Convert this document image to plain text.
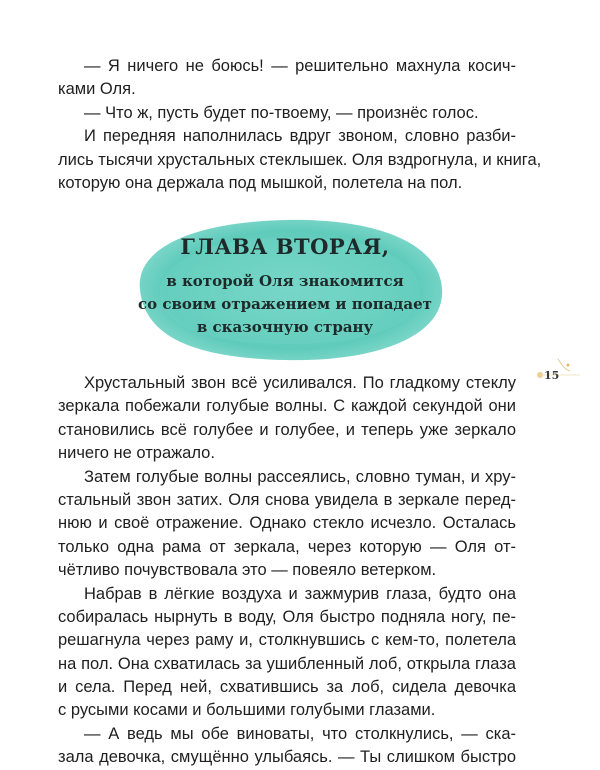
— Я ничего не боюсь! — решительно махнула косич-
ками Оля.
— Что ж, пусть будет по-твоему, — произнёс голос.
И передняя наполнилась вдруг звоном, словно разби-
лись тысячи хрустальных стеклышек. Оля вздрогнула, и книга,
которую она держала под мышкой, полетела на пол.
ГЛАВА ВТОРАЯ,
в которой Оля знакомится
со своим отражением и попадает
в сказочную страну
15
Хрустальный звон всё усиливался. По гладкому стеклу
зеркала побежали голубые волны. С каждой секундой они
становились всё голубее и голубее, и теперь уже зеркало
ничего не отражало.
Затем голубые волны рассеялись, словно туман, и хру-
стальный звон затих. Оля снова увидела в зеркале перед-
нюю и своё отражение. Однако стекло исчезло. Осталась
только одна рама от зеркала, через которую — Оля от-
чётливо почувствовала это — повеяло ветерком.
Набрав в лёгкие воздуха и зажмурив глаза, будто она
собиралась нырнуть в воду, Оля быстро подняла ногу, пе-
решагнула через раму и, столкнувшись с кем-то, полетела
на пол. Она схватилась за ушибленный лоб, открыла глаза
и села. Перед ней, схватившись за лоб, сидела девочка
с русыми косами и большими голубыми глазами.
— А ведь мы обе виноваты, что столкнулись, — ска-
зала девочка, смущённо улыбаясь. — Ты слишком быстро
